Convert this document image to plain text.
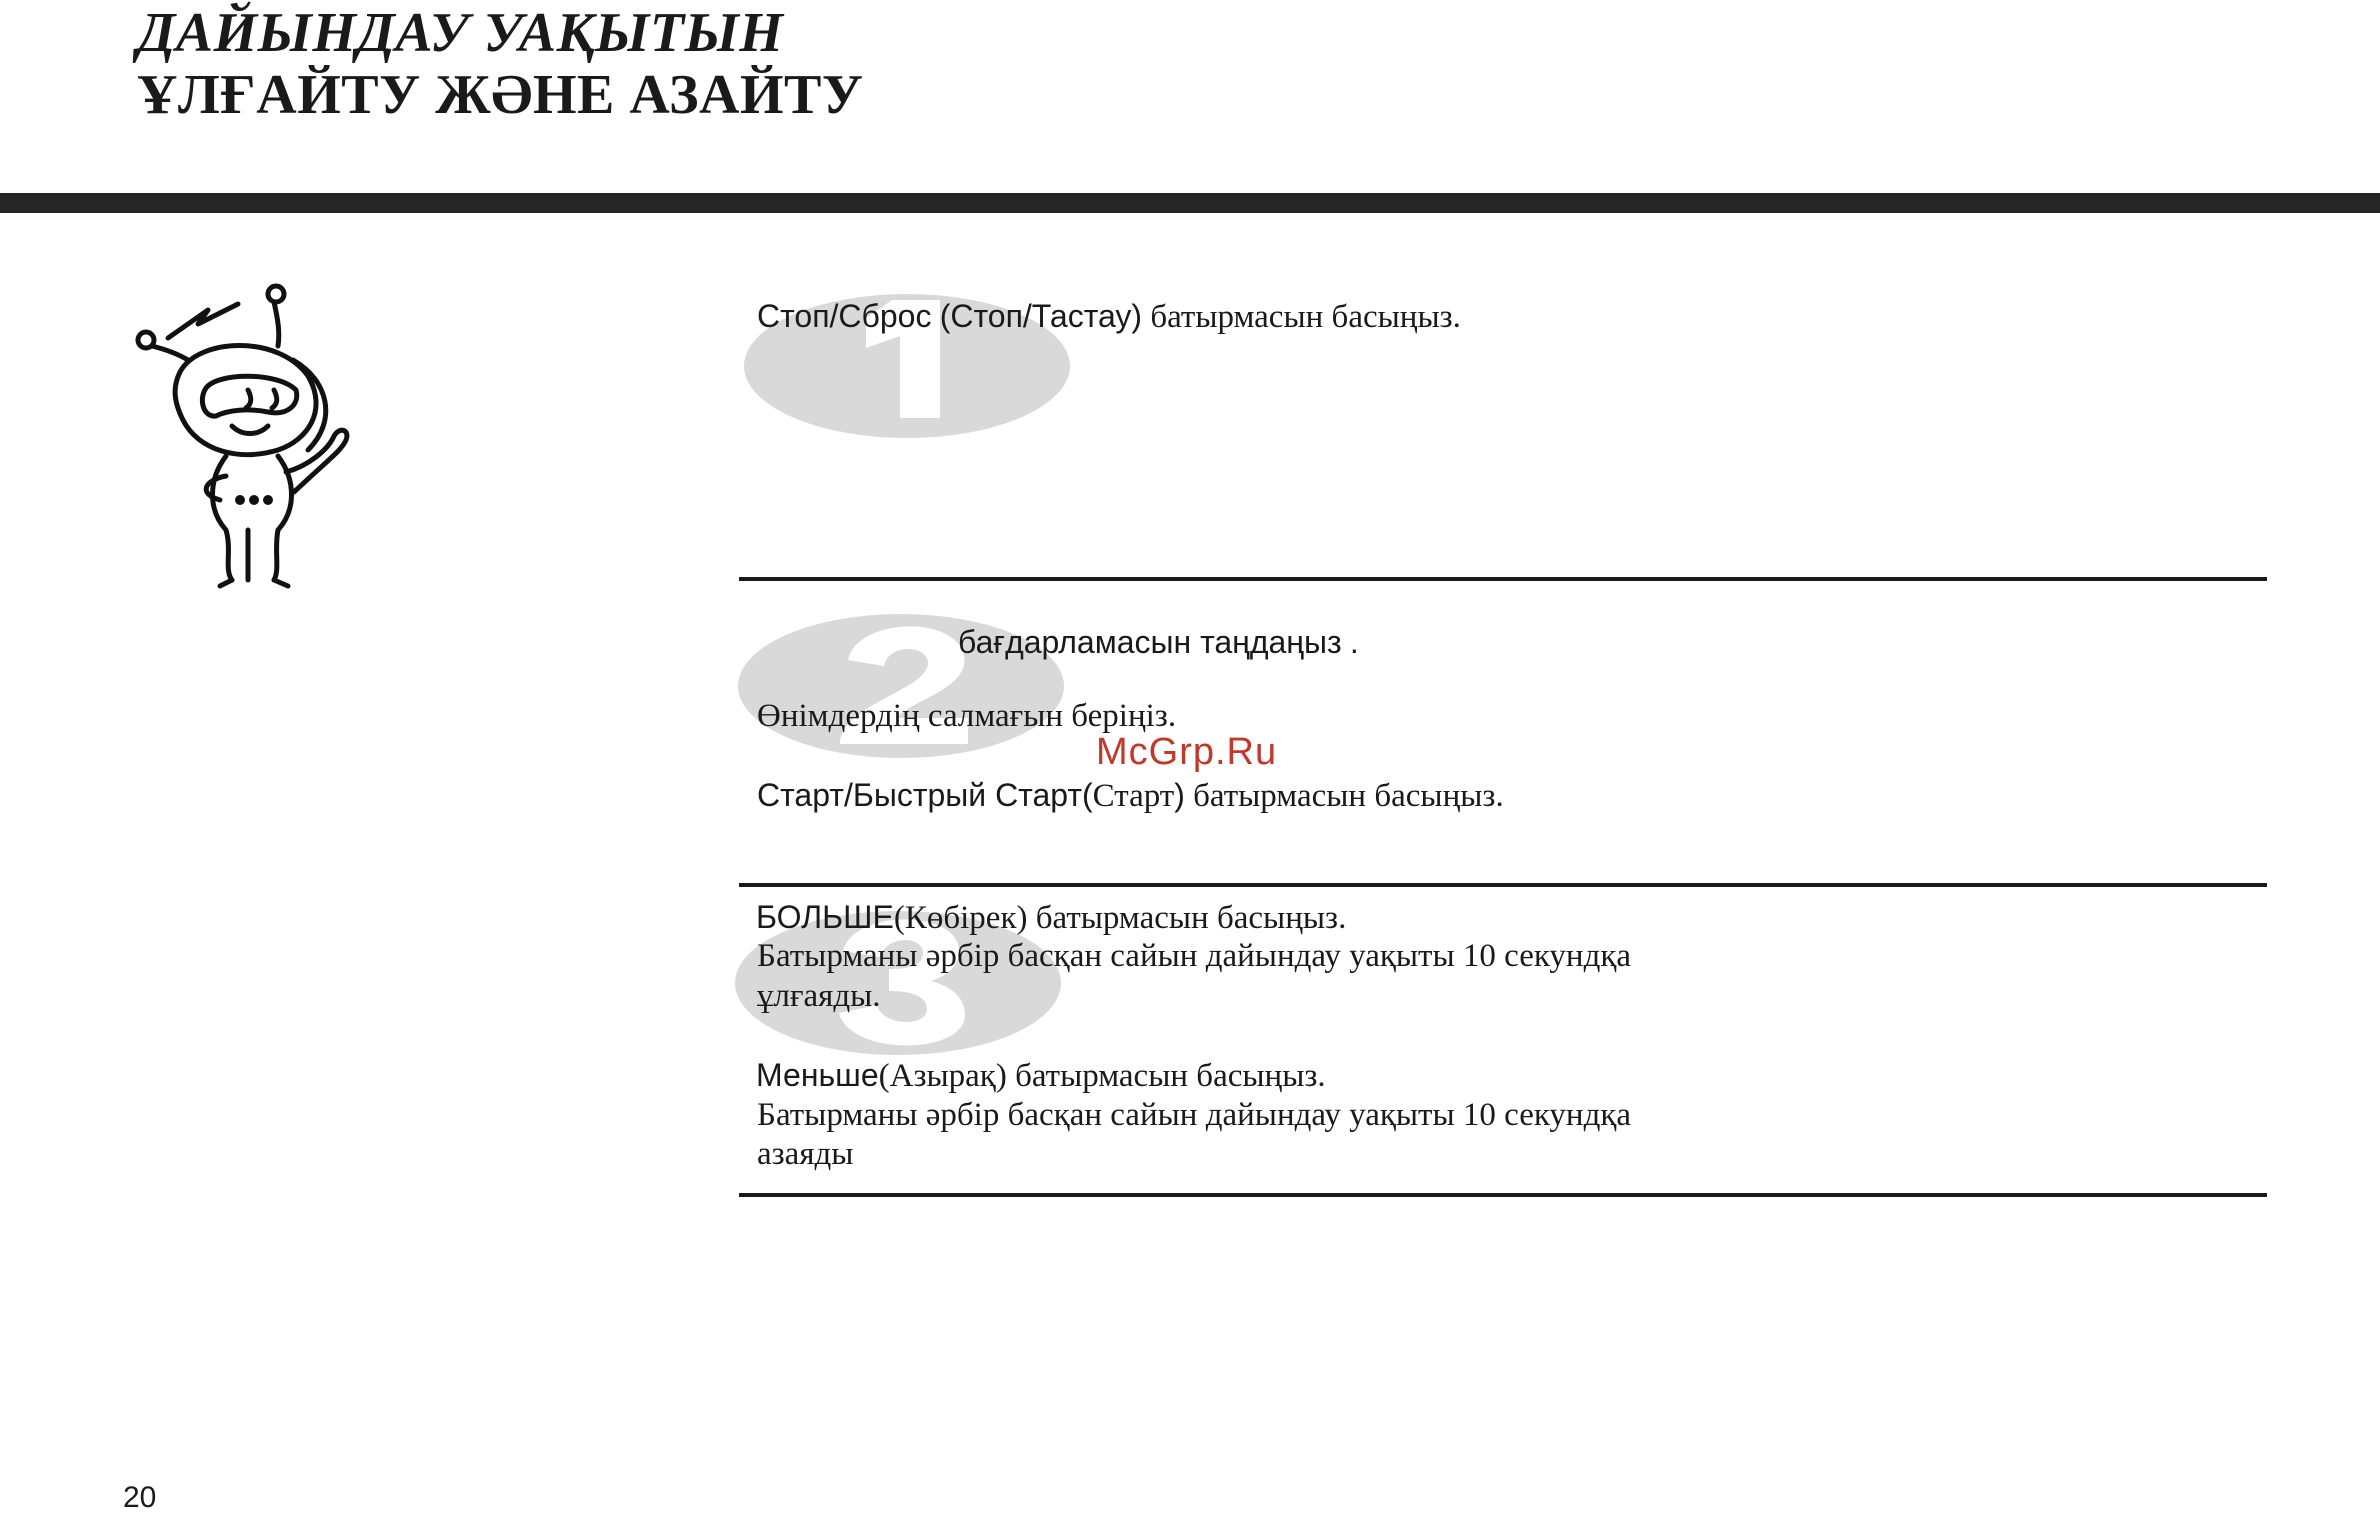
ДАЙЫНДАУ УАҚЫТЫН
ҰЛҒАЙТУ ЖӘНЕ АЗАЙТУ
Стоп/Сброс (Стоп/Тастау) батырмасын басыңыз.
бағдарламасын таңдаңыз .
Өнімдердің салмағын беріңіз.
Старт/Быстрый Старт(Старт) батырмасын басыңыз.
McGrp.Ru
БОЛЬШЕ(Көбірек) батырмасын басыңыз.
Батырманы әрбір басқан сайын дайындау уақыты 10 секундқа
ұлғаяды.
Меньше(Азырақ) батырмасын басыңыз.
Батырманы әрбір басқан сайын дайындау уақыты 10 секундқа
азаяды
20
